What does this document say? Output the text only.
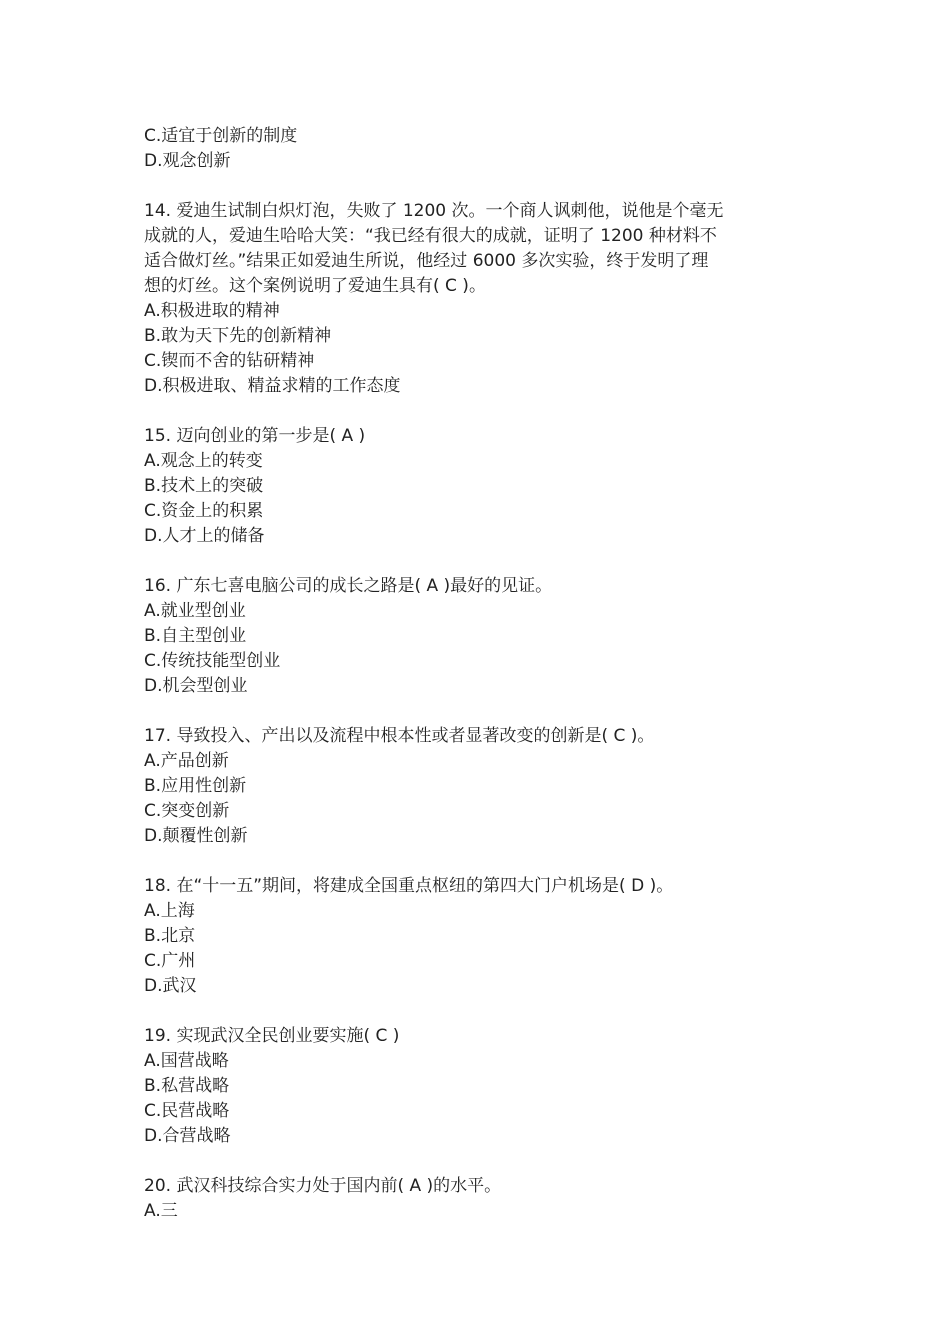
C.适宜于创新的制度

D.观念创新

14. 爱迪生试制白炽灯泡，失败了 1200 次。一个商人讽刺他，说他是个毫无

成就的人，爱迪生哈哈大笑：“我已经有很大的成就，证明了 1200 种材料不

适合做灯丝。”结果正如爱迪生所说，他经过 6000 多次实验，终于发明了理

想的灯丝。这个案例说明了爱迪生具有( C )。

A.积极进取的精神

B.敢为天下先的创新精神

C.锲而不舍的钻研精神

D.积极进取、精益求精的工作态度

15. 迈向创业的第一步是( A )

A.观念上的转变

B.技术上的突破

C.资金上的积累

D.人才上的储备

16. 广东七喜电脑公司的成长之路是( A )最好的见证。

A.就业型创业

B.自主型创业

C.传统技能型创业

D.机会型创业

17. 导致投入、产出以及流程中根本性或者显著改变的创新是( C )。

A.产品创新

B.应用性创新

C.突变创新

D.颠覆性创新

18. 在“十一五”期间，将建成全国重点枢纽的第四大门户机场是( D )。

A.上海

B.北京

C.广州

D.武汉

19. 实现武汉全民创业要实施( C )

A.国营战略

B.私营战略

C.民营战略

D.合营战略

20. 武汉科技综合实力处于国内前( A )的水平。

A.三
